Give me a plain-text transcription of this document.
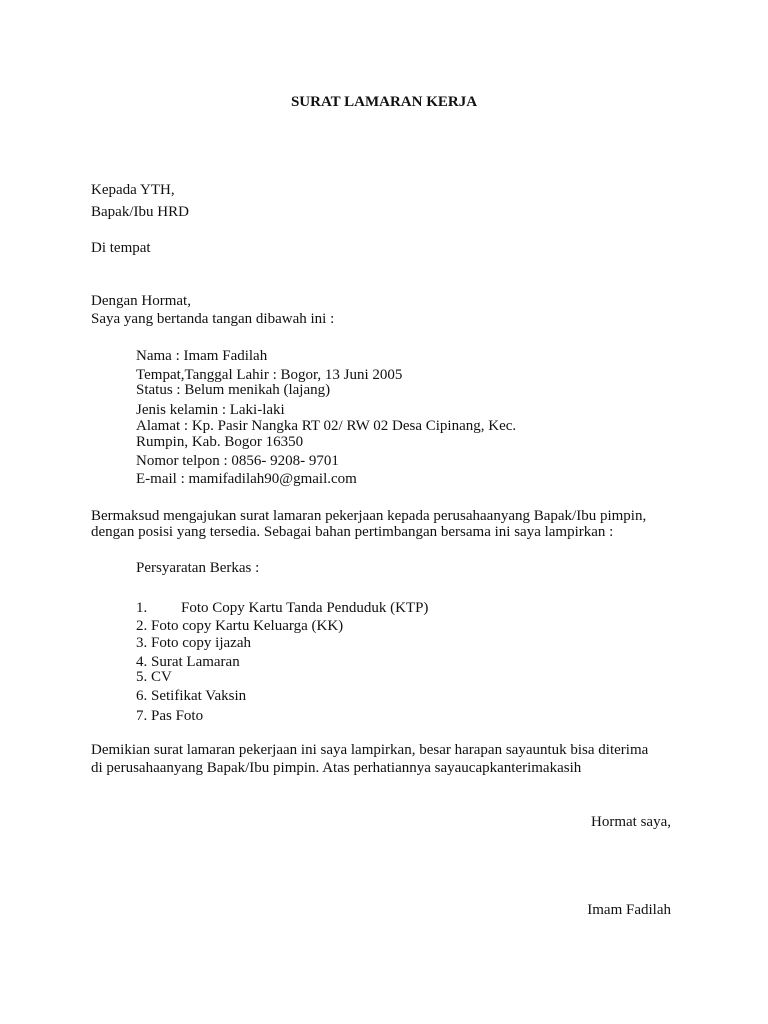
SURAT LAMARAN KERJA
Kepada YTH,
Bapak/Ibu HRD
Di tempat
Dengan Hormat,
Saya yang bertanda tangan dibawah ini :
Nama : Imam Fadilah
Tempat,Tanggal Lahir : Bogor, 13 Juni 2005
Status : Belum menikah (lajang)
Jenis kelamin : Laki-laki
Alamat : Kp. Pasir Nangka RT 02/ RW 02 Desa Cipinang, Kec.
Rumpin, Kab. Bogor 16350
Nomor telpon : 0856- 9208- 9701
E-mail : mamifadilah90@gmail.com
Bermaksud mengajukan surat lamaran pekerjaan kepada perusahaanyang Bapak/Ibu pimpin,
dengan posisi yang tersedia. Sebagai bahan pertimbangan bersama ini saya lampirkan :
Persyaratan Berkas :
1. Foto Copy Kartu Tanda Penduduk (KTP)
2. Foto copy Kartu Keluarga (KK)
3. Foto copy ijazah
4. Surat Lamaran
5. CV
6. Setifikat Vaksin
7. Pas Foto
Demikian surat lamaran pekerjaan ini saya lampirkan, besar harapan sayauntuk bisa diterima
di perusahaanyang Bapak/Ibu pimpin. Atas perhatiannya sayaucapkanterimakasih
Hormat saya,
Imam Fadilah
